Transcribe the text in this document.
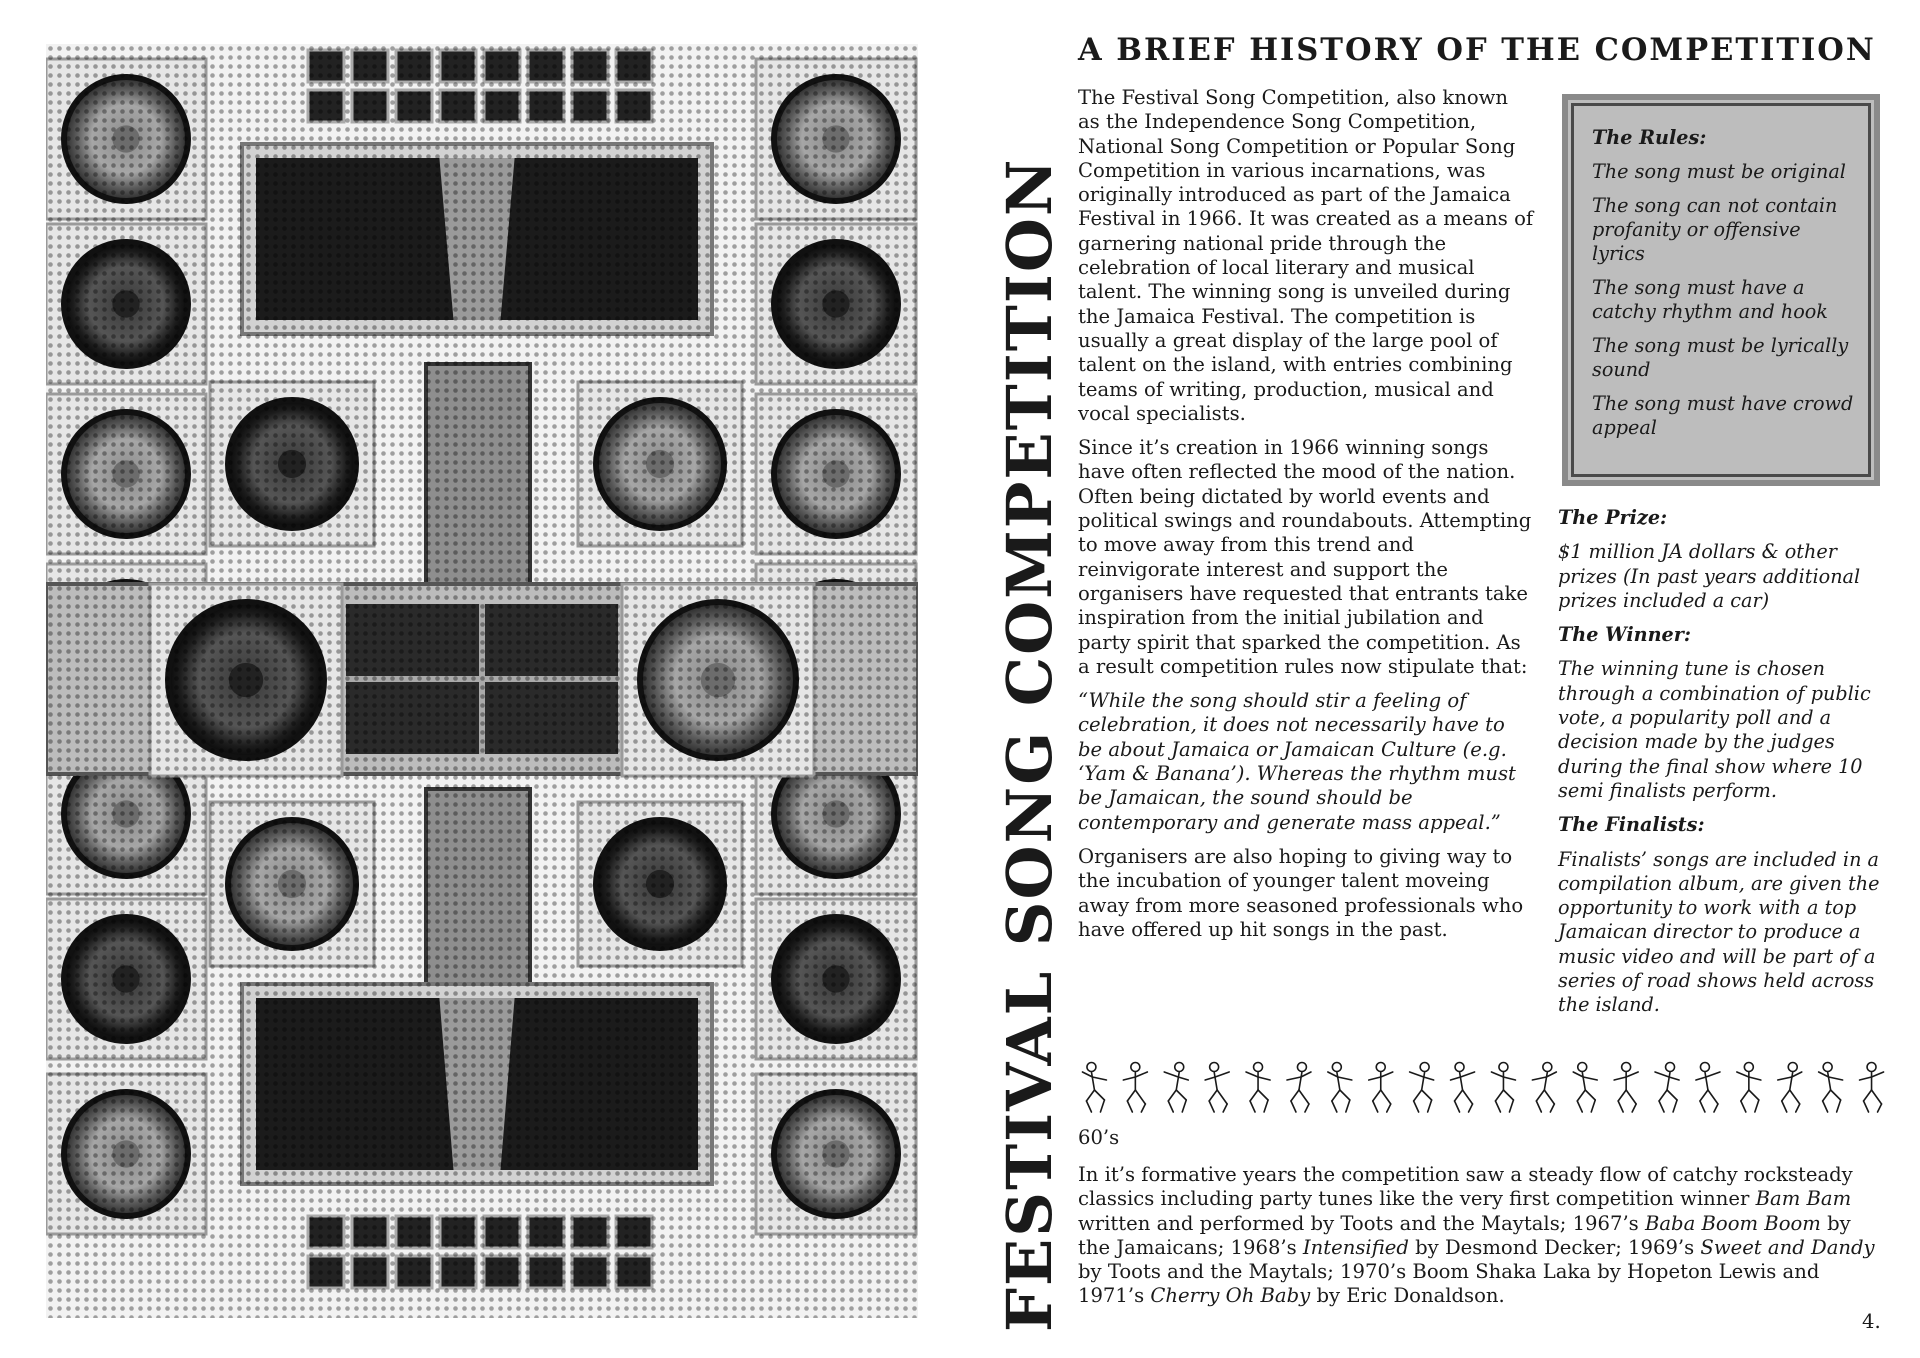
FESTIVAL SONG COMPETITION
A BRIEF HISTORY OF THE COMPETITION

The Festival Song Competition, also known as the Independence Song Competition, National Song Competition or Popular Song Competition in various incarnations, was originally introduced as part of the Jamaica Festival in 1966. It was created as a means of garnering national pride through the celebration of local literary and musical talent. The winning song is unveiled during the Jamaica Festival. The competition is usually a great display of the large pool of talent on the island, with entries combining teams of writing, production, musical and vocal specialists.

Since it’s creation in 1966 winning songs have often reflected the mood of the nation. Often being dictated by world events and political swings and roundabouts. Attempting to move away from this trend and reinvigorate interest and support the organisers have requested that entrants take inspiration from the initial jubilation and party spirit that sparked the competition. As a result competition rules now stipulate that:

“While the song should stir a feeling of celebration, it does not necessarily have to be about Jamaica or Jamaican Culture (e.g. ‘Yam & Banana’). Whereas the rhythm must be Jamaican, the sound should be contemporary and generate mass appeal.”

Organisers are also hoping to giving way to the incubation of younger talent moveing away from more seasoned professionals who have offered up hit songs in the past.

The Rules:
The song must be original
The song can not contain profanity or offensive lyrics
The song must have a catchy rhythm and hook
The song must be lyrically sound
The song must have crowd appeal
The Prize:
$1 million JA dollars & other prizes (In past years additional prizes included a car)
The Winner:
The winning tune is chosen through a combination of public vote, a popularity poll and a decision made by the judges during the final show where 10 semi finalists perform.
The Finalists:
Finalists’ songs are included in a compilation album, are given the opportunity to work with a top Jamaican director to produce a music video and will be part of a series of road shows held across the island.
60’s
In it’s formative years the competition saw a steady flow of catchy rocksteady classics including party tunes like the very first competition winner Bam Bam written and performed by Toots and the Maytals; 1967’s Baba Boom Boom by the Jamaicans; 1968’s Intensified by Desmond Decker; 1969’s Sweet and Dandy by Toots and the Maytals; 1970’s Boom Shaka Laka by Hopeton Lewis and 1971’s Cherry Oh Baby by Eric Donaldson.
4.
